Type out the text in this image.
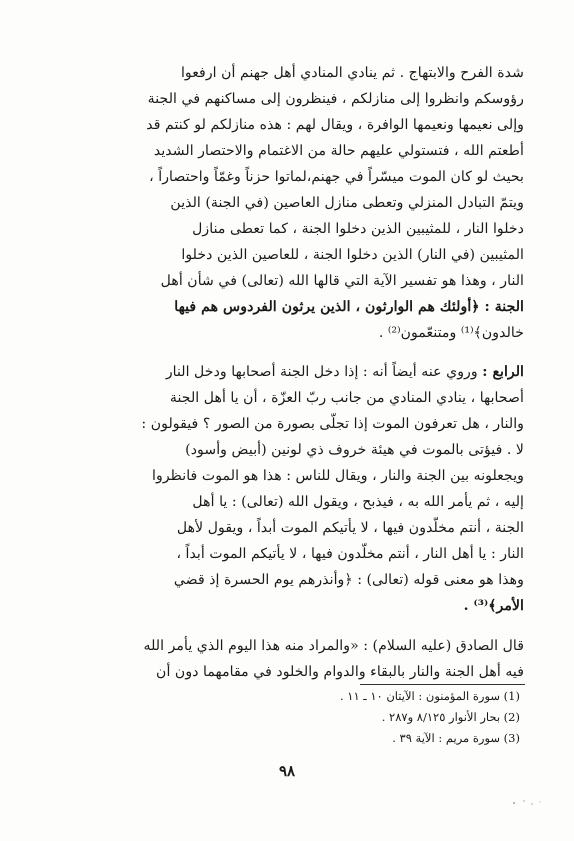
شدة الفرح والابتهاج . ثم ينادي المنادي أهل جهنم أن ارفعوا
رؤوسكم وانظروا إلى منازلكم ، فينظرون إلى مساكنهم في الجنة
وإلى نعيمها ونعيمها الوافرة ، ويقال لهم : هذه منازلكم لو كنتم قد
أطعتم الله ، فتستولي عليهم حالة من الاغتمام والاحتصار الشديد
بحيث لو كان الموت ميسّراً في جهنم،لماتوا حزناً وغمّاً واحتصاراً ،
ويتمّ التبادل المنزلي وتعطى منازل العاصين (في الجنة) الذين
دخلوا النار ، للمثيبين الذين دخلوا الجنة ، كما تعطى منازل
المثيبين (في النار) الذين دخلوا الجنة ، للعاصين الذين دخلوا
النار ، وهذا هو تفسير الآية التي قالها الله (تعالى) في شأن أهل
الجنة : ﴿أولئك هم الوارثون ، الذين يرثون الفردوس هم فيها
خالدون﴾⁽¹⁾ ومتنعّمون⁽²⁾ .

الرابع : وروي عنه أيضاً أنه : إذا دخل الجنة أصحابها ودخل النار
أصحابها ، ينادي المنادي من جانب ربّ العزّة ، أن يا أهل الجنة
والنار ، هل تعرفون الموت إذا تجلّى بصورة من الصور ؟ فيقولون :
لا . فيؤتى بالموت في هيئة خروف ذي لونين (أبيض وأسود)
ويجعلونه بين الجنة والنار ، ويقال للناس : هذا هو الموت فانظروا
إليه ، ثم يأمر الله به ، فيذبح ، ويقول الله (تعالى) : يا أهل
الجنة ، أنتم مخلّدون فيها ، لا يأتيكم الموت أبداً ، ويقول لأهل
النار : يا أهل النار ، أنتم مخلّدون فيها ، لا يأتيكم الموت أبداً ،
وهذا هو معنى قوله (تعالى) : ﴿وأنذرهم يوم الحسرة إذ قضي
الأمر﴾⁽³⁾ .

قال الصادق (عليه السلام) : «والمراد منه هذا اليوم الذي يأمر الله
فيه أهل الجنة والنار بالبقاء والدوام والخلود في مقامهما دون أن

(1) سورة المؤمنون : الآيتان ١٠ ـ ١١ .
(2) بحار الأنوار ٨/١٢٥ و٢٨٧ .
(3) سورة مريم : الآية ٣٩ .
٩٨
